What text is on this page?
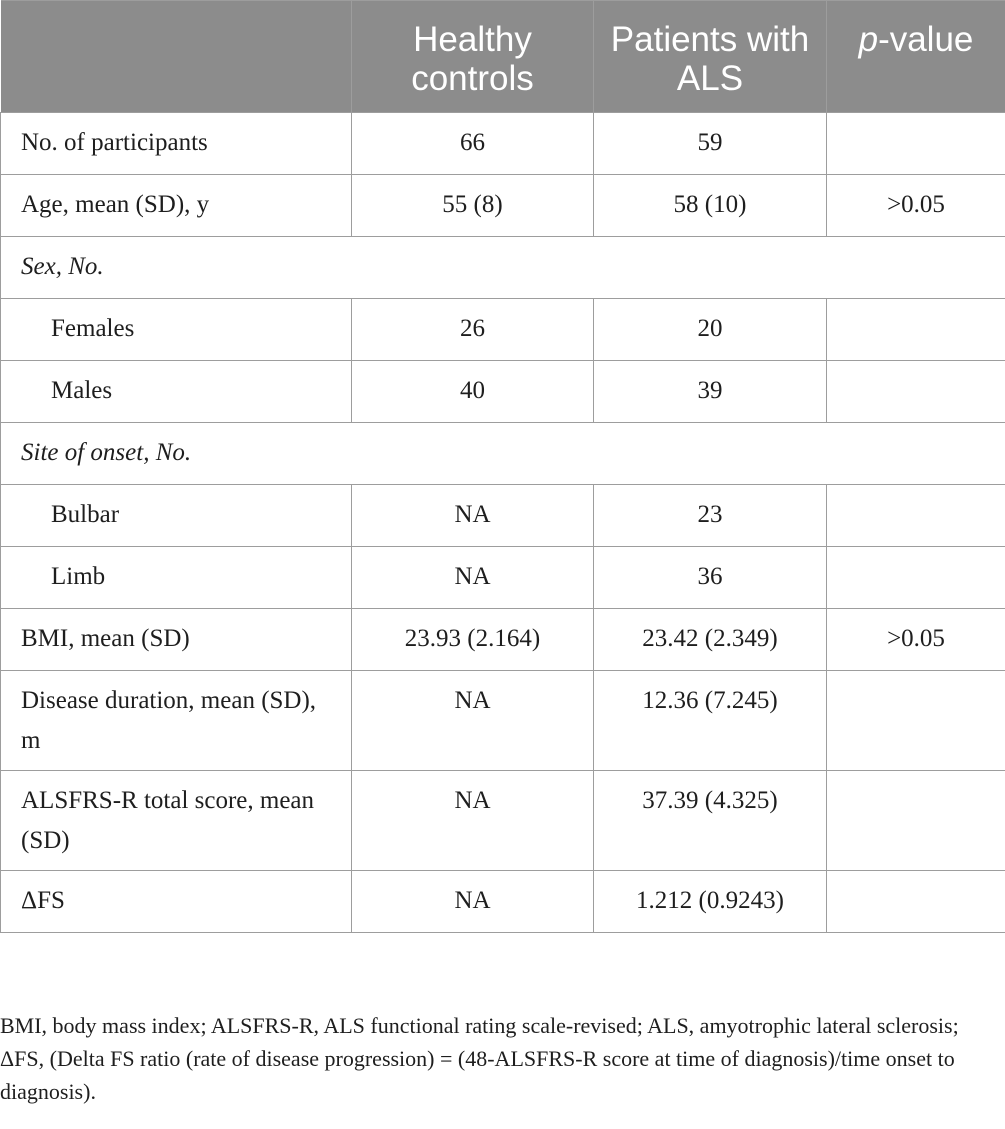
	Healthy controls	Patients with ALS	p-value
No. of participants	66	59	
Age, mean (SD), y	55 (8)	58 (10)	>0.05
Sex, No.			
Females	26	20	
Males	40	39	
Site of onset, No.			
Bulbar	NA	23	
Limb	NA	36	
BMI, mean (SD)	23.93 (2.164)	23.42 (2.349)	>0.05
Disease duration, mean (SD), m	NA	12.36 (7.245)	
ALSFRS-R total score, mean (SD)	NA	37.39 (4.325)	
ΔFS	NA	1.212 (0.9243)	

BMI, body mass index; ALSFRS-R, ALS functional rating scale-revised; ALS, amyotrophic lateral sclerosis; ΔFS, (Delta FS ratio (rate of disease progression) = (48-ALSFRS-R score at time of diagnosis)/time onset to diagnosis).
